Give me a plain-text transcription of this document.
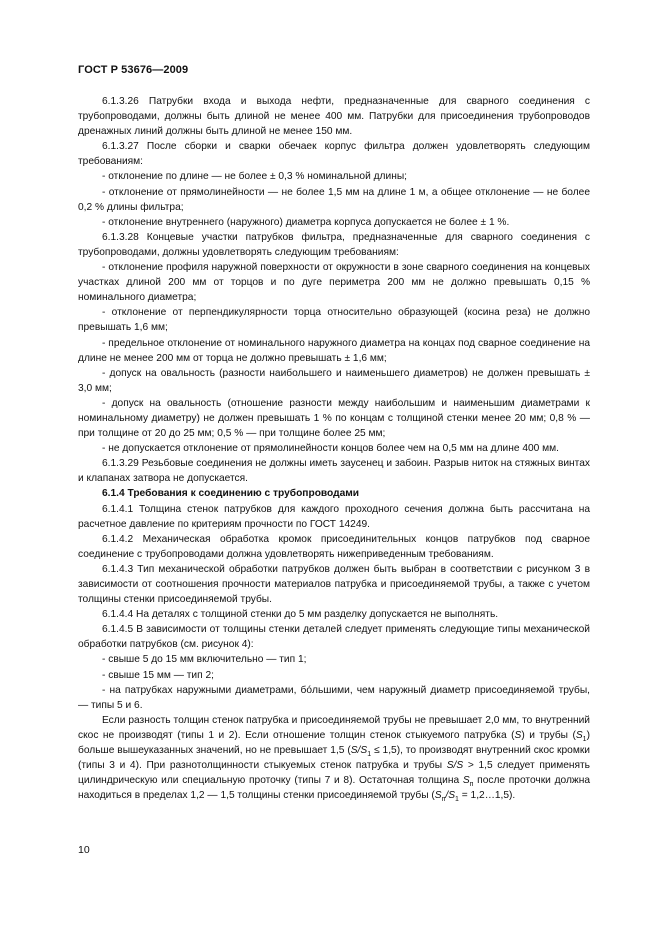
ГОСТ Р 53676—2009

6.1.3.26 Патрубки входа и выхода нефти, предназначенные для сварного соединения с трубопроводами, должны быть длиной не менее 400 мм. Патрубки для присоединения трубопроводов дренажных линий должны быть длиной не менее 150 мм.

6.1.3.27 После сборки и сварки обечаек корпус фильтра должен удовлетворять следующим требованиям:

- отклонение по длине — не более ± 0,3 % номинальной длины;

- отклонение от прямолинейности — не более 1,5 мм на длине 1 м, а общее отклонение — не более 0,2 % длины фильтра;

- отклонение внутреннего (наружного) диаметра корпуса допускается не более ± 1 %.

6.1.3.28 Концевые участки патрубков фильтра, предназначенные для сварного соединения с трубопроводами, должны удовлетворять следующим требованиям:

- отклонение профиля наружной поверхности от окружности в зоне сварного соединения на концевых участках длиной 200 мм от торцов и по дуге периметра 200 мм не должно превышать 0,15 % номинального диаметра;

- отклонение от перпендикулярности торца относительно образующей (косина реза) не должно превышать 1,6 мм;

- предельное отклонение от номинального наружного диаметра на концах под сварное соединение на длине не менее 200 мм от торца не должно превышать ± 1,6 мм;

- допуск на овальность (разности наибольшего и наименьшего диаметров) не должен превышать ± 3,0 мм;

- допуск на овальность (отношение разности между наибольшим и наименьшим диаметрами к номинальному диаметру) не должен превышать 1 % по концам с толщиной стенки менее 20 мм; 0,8 % — при толщине от 20 до 25 мм; 0,5 % — при толщине более 25 мм;

- не допускается отклонение от прямолинейности концов более чем на 0,5 мм на длине 400 мм.

6.1.3.29 Резьбовые соединения не должны иметь заусенец и забоин. Разрыв ниток на стяжных винтах и клапанах затвора не допускается.

6.1.4 Требования к соединению с трубопроводами

6.1.4.1 Толщина стенок патрубков для каждого проходного сечения должна быть рассчитана на расчетное давление по критериям прочности по ГОСТ 14249.

6.1.4.2 Механическая обработка кромок присоединительных концов патрубков под сварное соединение с трубопроводами должна удовлетворять нижеприведенным требованиям.

6.1.4.3 Тип механической обработки патрубков должен быть выбран в соответствии с рисунком 3 в зависимости от соотношения прочности материалов патрубка и присоединяемой трубы, а также с учетом толщины стенки присоединяемой трубы.

6.1.4.4 На деталях с толщиной стенки до 5 мм разделку допускается не выполнять.

6.1.4.5 В зависимости от толщины стенки деталей следует применять следующие типы механической обработки патрубков (см. рисунок 4):

- свыше 5 до 15 мм включительно — тип 1;

- свыше 15 мм — тип 2;

- на патрубках наружными диаметрами, бóльшими, чем наружный диаметр присоединяемой трубы, — типы 5 и 6.

Если разность толщин стенок патрубка и присоединяемой трубы не превышает 2,0 мм, то внутренний скос не производят (типы 1 и 2). Если отношение толщин стенок стыкуемого патрубка (S) и трубы $(S_1)$ больше вышеуказанных значений, но не превышает 1,5 $(S/S_1 \le 1,5)$, то производят внутренний скос кромки (типы 3 и 4). При разнотолщинности стыкуемых стенок патрубка и трубы S/S > 1,5 следует применять цилиндрическую или специальную проточку (типы 7 и 8). Остаточная толщина $S_п$ после проточки должна находиться в пределах 1,2 — 1,5 толщины стенки присоединяемой трубы ($S_п/S_1$ = 1,2…1,5).

10
